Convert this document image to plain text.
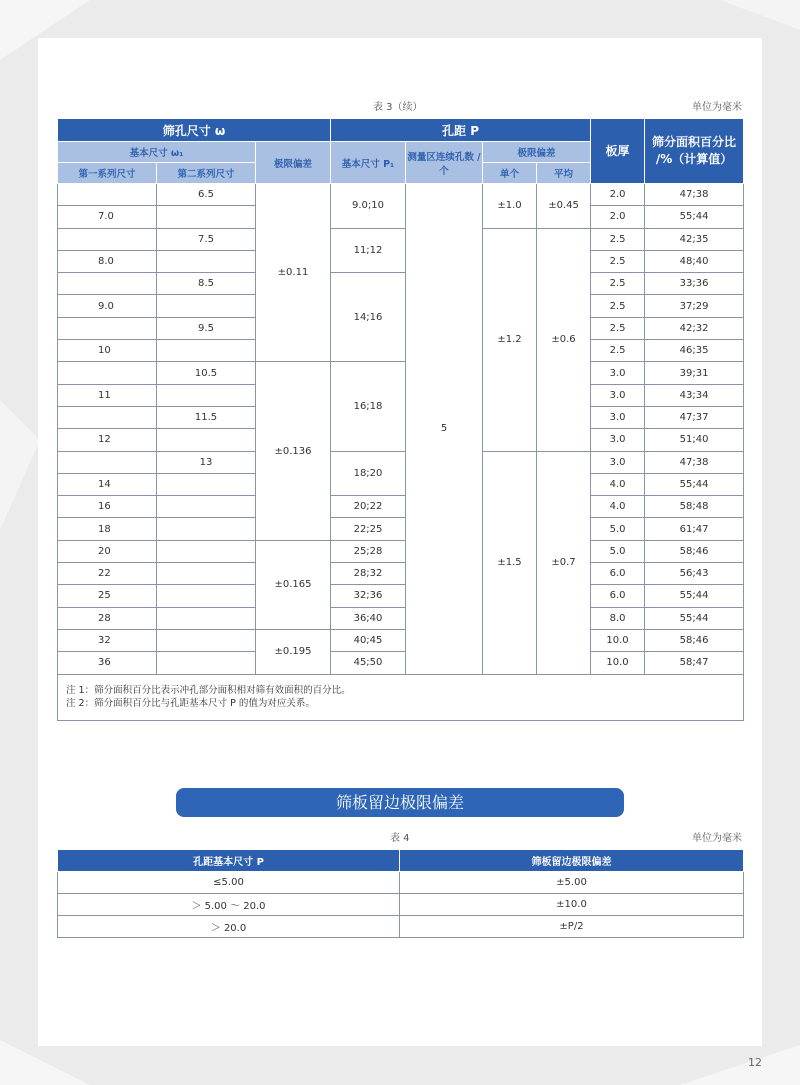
表 3（续）	单位为毫米
筛孔尺寸 ω			孔距 P				板厚	筛分面积百分比 /%（计算值）
基本尺寸 ω₁		极限偏差	基本尺寸 P₁	测量区连续孔数 / 个	极限偏差			
第一系列尺寸	第二系列尺寸				单个	平均		
	6.5	±0.11	9.0;10	5	±1.0	±0.45	2.0	47;38
7.0							2.0	55;44
	7.5		11;12		±1.2	±0.6	2.5	42;35
8.0							2.5	48;40
	8.5		14;16				2.5	33;36
9.0							2.5	37;29
	9.5						2.5	42;32
10							2.5	46;35
	10.5	±0.136	16;18				3.0	39;31
11							3.0	43;34
	11.5						3.0	47;37
12							3.0	51;40
	13		18;20		±1.5	±0.7	3.0	47;38
14							4.0	55;44
16			20;22				4.0	58;48
18			22;25				5.0	61;47
20		±0.165	25;28				5.0	58;46
22			28;32				6.0	56;43
25			32;36				6.0	55;44
28			36;40				8.0	55;44
32		±0.195	40;45				10.0	58;46
36			45;50				10.0	58;47

注 1：筛分面积百分比表示冲孔部分面积相对筛有效面积的百分比。
注 2：筛分面积百分比与孔距基本尺寸 P 的值为对应关系。								
筛板留边极限偏差
表 4	单位为毫米
孔距基本尺寸 P	筛板留边极限偏差
≤5.00	±5.00
＞ 5.00 ～ 20.0	±10.0
＞ 20.0	±P/2
12
